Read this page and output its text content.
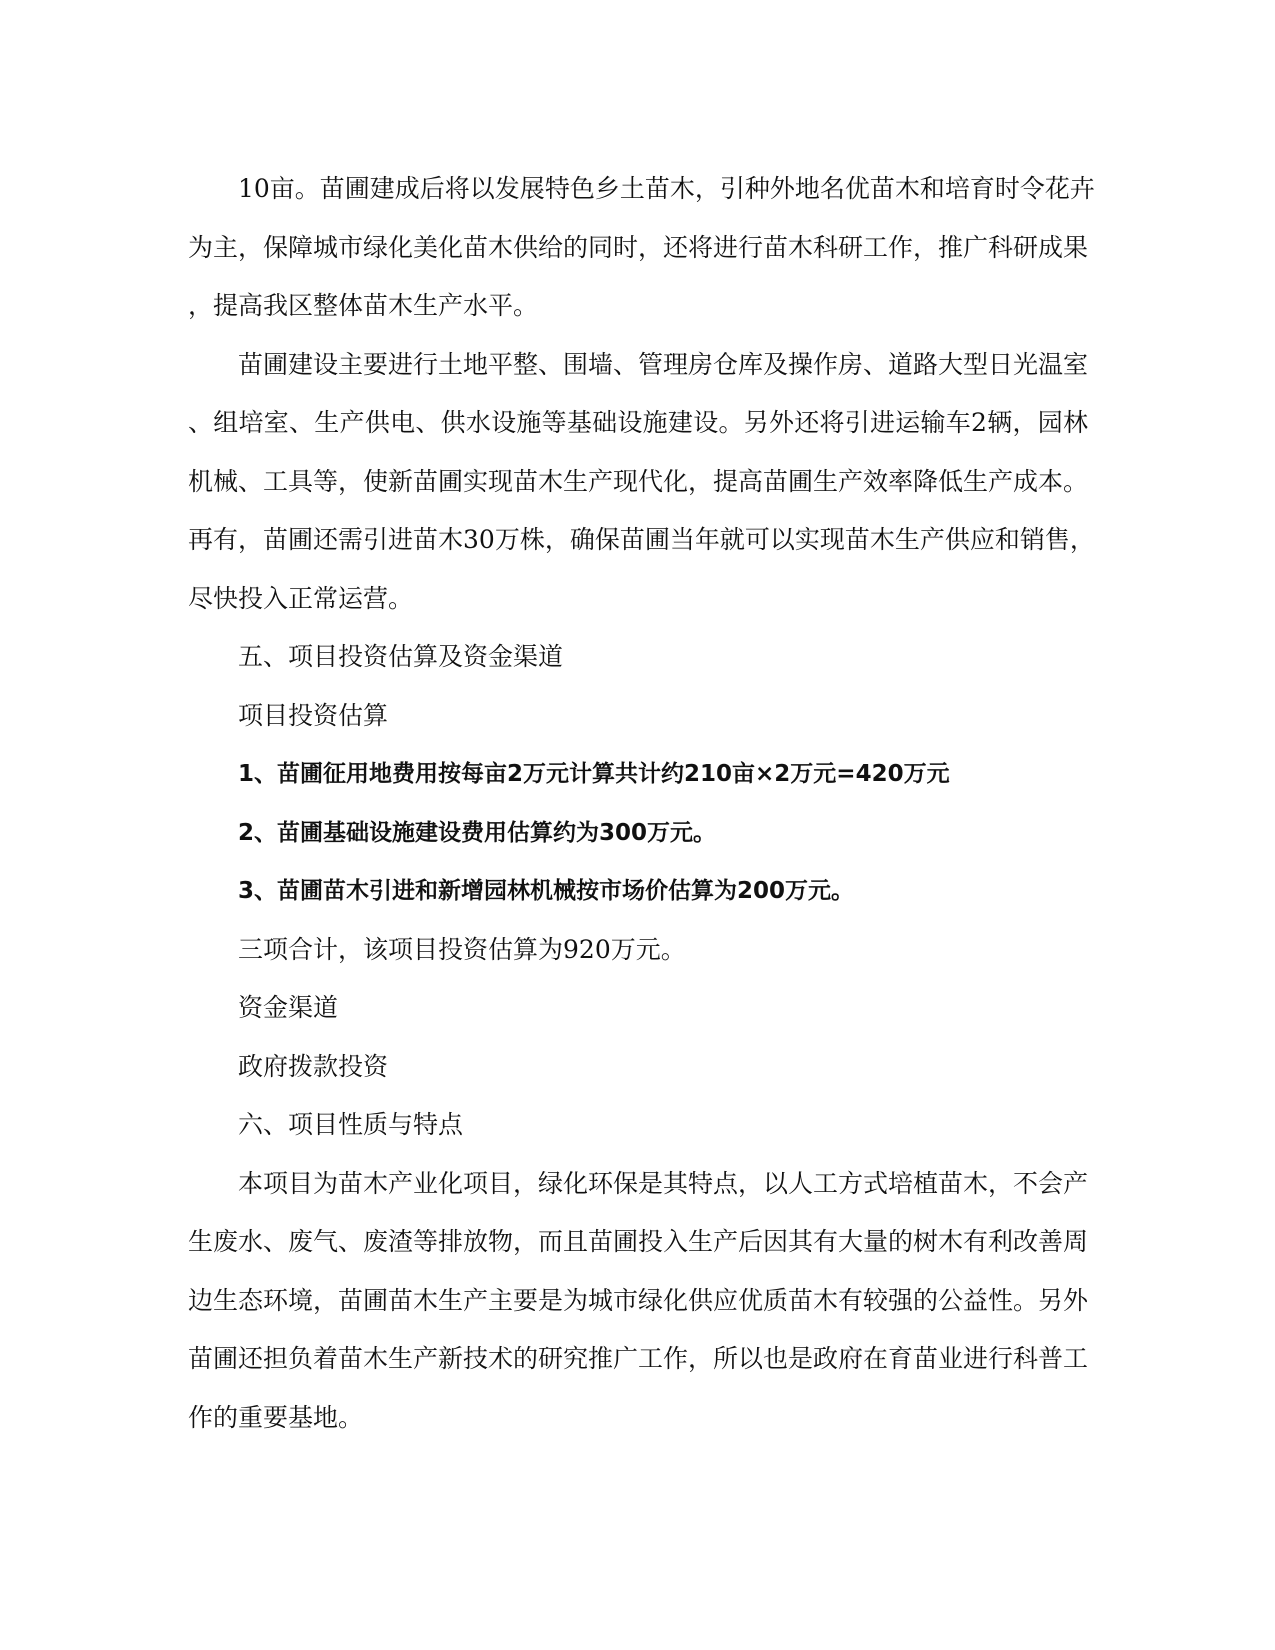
10亩。苗圃建成后将以发展特色乡土苗木，引种外地名优苗木和培育时令花卉
为主，保障城市绿化美化苗木供给的同时，还将进行苗木科研工作，推广科研成果
，提高我区整体苗木生产水平。
苗圃建设主要进行土地平整、围墙、管理房仓库及操作房、道路大型日光温室
、组培室、生产供电、供水设施等基础设施建设。另外还将引进运输车2辆，园林
机械、工具等，使新苗圃实现苗木生产现代化，提高苗圃生产效率降低生产成本。
再有，苗圃还需引进苗木30万株，确保苗圃当年就可以实现苗木生产供应和销售，
尽快投入正常运营。
五、项目投资估算及资金渠道
项目投资估算
1、苗圃征用地费用按每亩2万元计算共计约210亩×2万元=420万元
2、苗圃基础设施建设费用估算约为300万元。
3、苗圃苗木引进和新增园林机械按市场价估算为200万元。
三项合计，该项目投资估算为920万元。
资金渠道
政府拨款投资
六、项目性质与特点
本项目为苗木产业化项目，绿化环保是其特点，以人工方式培植苗木，不会产
生废水、废气、废渣等排放物，而且苗圃投入生产后因其有大量的树木有利改善周
边生态环境，苗圃苗木生产主要是为城市绿化供应优质苗木有较强的公益性。另外
苗圃还担负着苗木生产新技术的研究推广工作，所以也是政府在育苗业进行科普工
作的重要基地。
